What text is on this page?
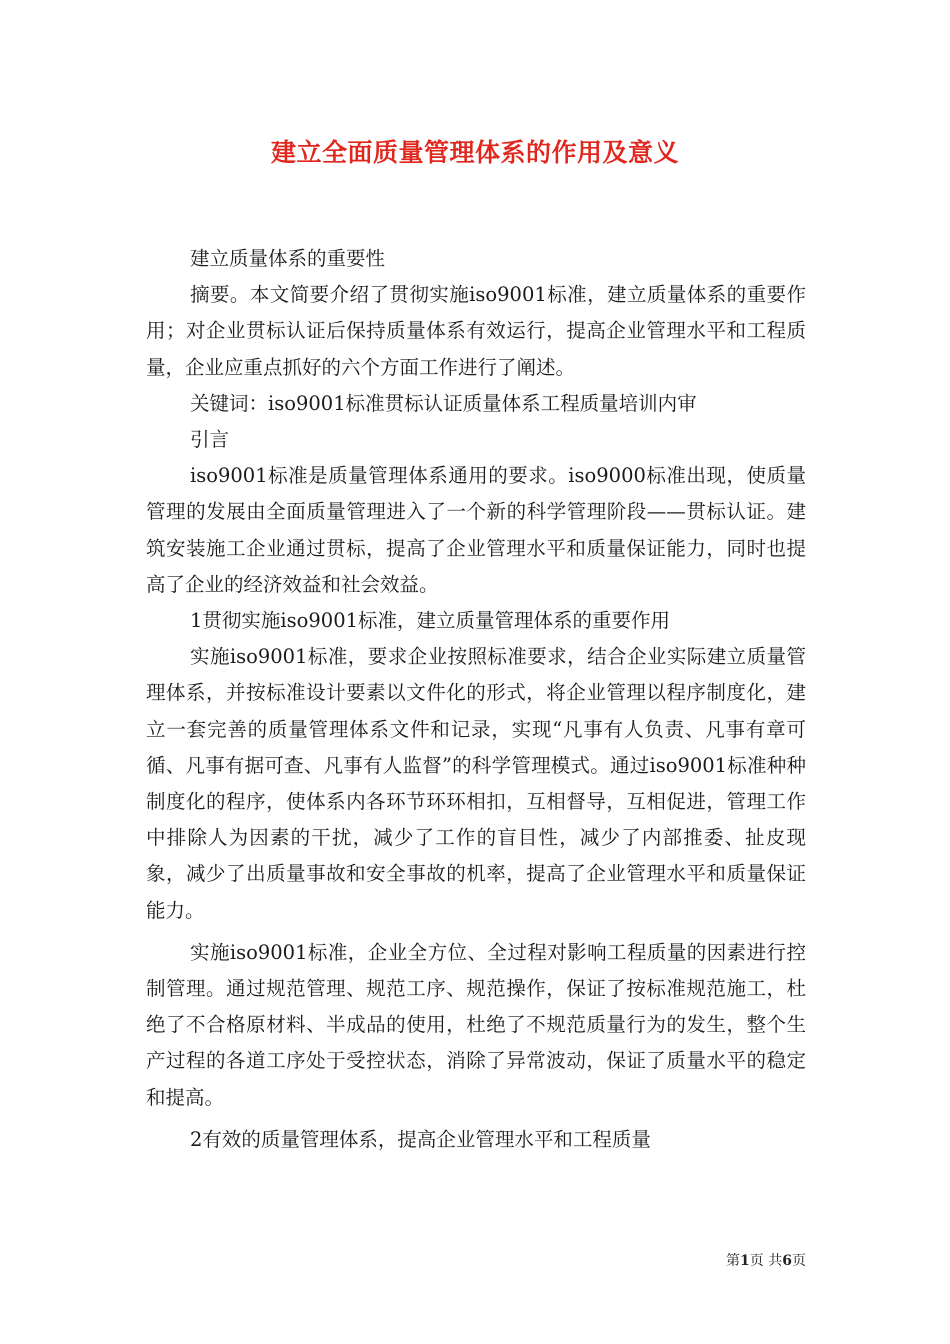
建立全面质量管理体系的作用及意义

建立质量体系的重要性

摘要。本文简要介绍了贯彻实施iso9001标准，建立质量体系的重要作用；对企业贯标认证后保持质量体系有效运行，提高企业管理水平和工程质量，企业应重点抓好的六个方面工作进行了阐述。

关键词：iso9001标准贯标认证质量体系工程质量培训内审

引言

iso9001标准是质量管理体系通用的要求。iso9000标准出现，使质量管理的发展由全面质量管理进入了一个新的科学管理阶段——贯标认证。建筑安装施工企业通过贯标，提高了企业管理水平和质量保证能力，同时也提高了企业的经济效益和社会效益。

1贯彻实施iso9001标准，建立质量管理体系的重要作用

实施iso9001标准，要求企业按照标准要求，结合企业实际建立质量管理体系，并按标准设计要素以文件化的形式，将企业管理以程序制度化，建立一套完善的质量管理体系文件和记录，实现“凡事有人负责、凡事有章可循、凡事有据可查、凡事有人监督”的科学管理模式。通过iso9001标准种种制度化的程序，使体系内各环节环环相扣，互相督导，互相促进，管理工作中排除人为因素的干扰，减少了工作的盲目性，减少了内部推委、扯皮现象，减少了出质量事故和安全事故的机率，提高了企业管理水平和质量保证能力。

实施iso9001标准，企业全方位、全过程对影响工程质量的因素进行控制管理。通过规范管理、规范工序、规范操作，保证了按标准规范施工，杜绝了不合格原材料、半成品的使用，杜绝了不规范质量行为的发生，整个生产过程的各道工序处于受控状态，消除了异常波动，保证了质量水平的稳定和提高。

2有效的质量管理体系，提高企业管理水平和工程质量

第1页 共6页
